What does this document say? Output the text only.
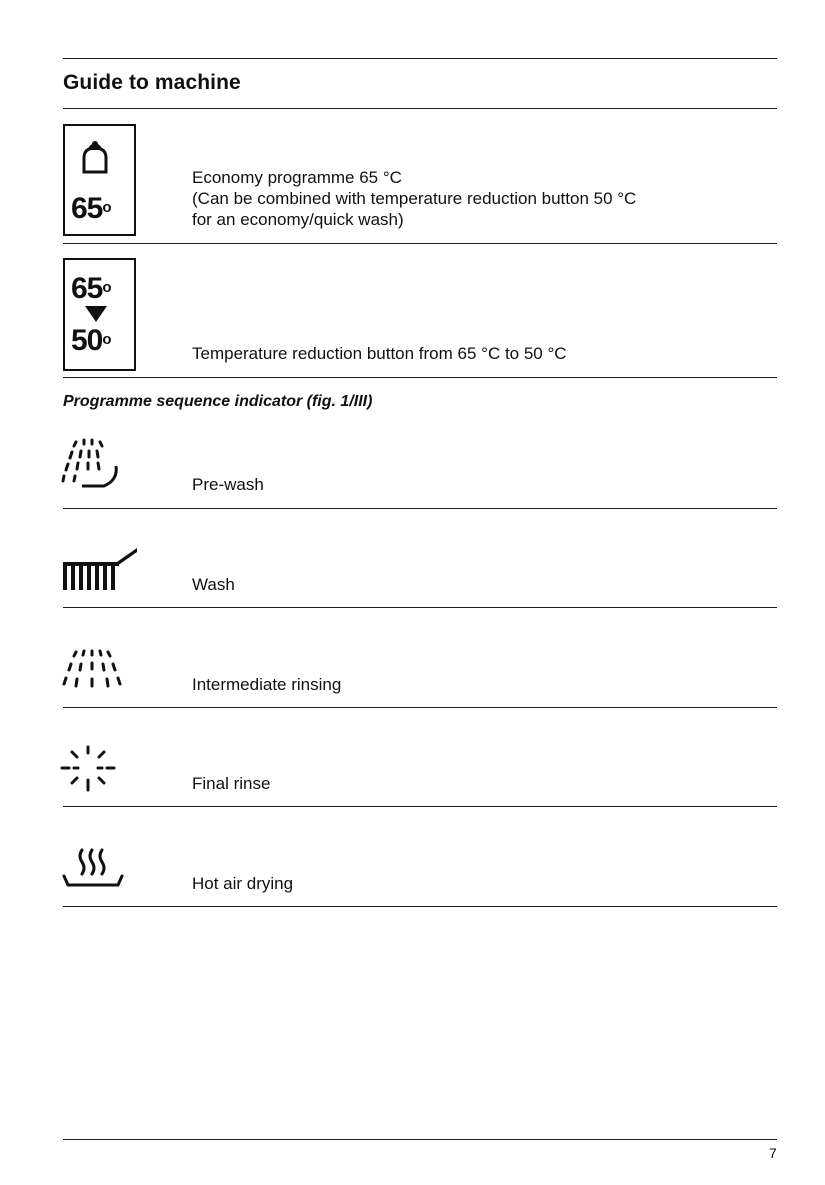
Guide to machine
65$^o$
Economy programme 65 °C
(Can be combined with temperature reduction button 50 °C
for an economy/quick wash)
65$^o$
50$^o$
Temperature reduction button from 65 °C to 50 °C
Programme sequence indicator (fig. 1/III)
Pre-wash
Wash
Intermediate rinsing
Final rinse
Hot air drying
7
